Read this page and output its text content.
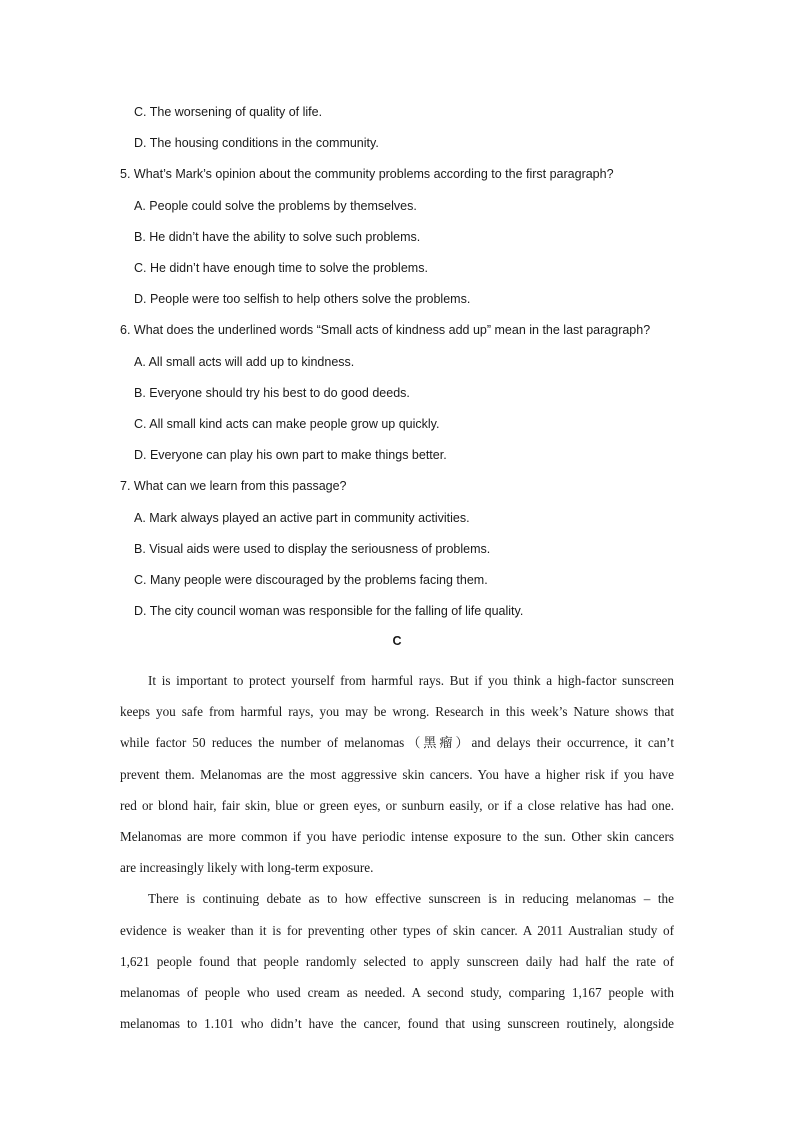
C. The worsening of quality of life.
D. The housing conditions in the community.
5. What’s Mark’s opinion about the community problems according to the first paragraph?
A. People could solve the problems by themselves.
B. He didn’t have the ability to solve such problems.
C. He didn’t have enough time to solve the problems.
D. People were too selfish to help others solve the problems.
6. What does the underlined words “Small acts of kindness add up” mean in the last paragraph?
A. All small acts will add up to kindness.
B. Everyone should try his best to do good deeds.
C. All small kind acts can make people grow up quickly.
D. Everyone can play his own part to make things better.
7. What can we learn from this passage?
A. Mark always played an active part in community activities.
B. Visual aids were used to display the seriousness of problems.
C. Many people were discouraged by the problems facing them.
D. The city council woman was responsible for the falling of life quality.
C
It is important to protect yourself from harmful rays. But if you think a high-factor sunscreen
keeps you safe from harmful rays, you may be wrong. Research in this week’s Nature shows that
while factor 50 reduces the number of melanomas（黑瘤）and delays their occurrence, it can’t
prevent them. Melanomas are the most aggressive skin cancers. You have a higher risk if you have
red or blond hair, fair skin, blue or green eyes, or sunburn easily, or if a close relative has had one.
Melanomas are more common if you have periodic intense exposure to the sun. Other skin cancers
are increasingly likely with long-term exposure.
There is continuing debate as to how effective sunscreen is in reducing melanomas – the
evidence is weaker than it is for preventing other types of skin cancer. A 2011 Australian study of
1,621 people found that people randomly selected to apply sunscreen daily had half the rate of
melanomas of people who used cream as needed. A second study, comparing 1,167 people with
melanomas to 1.101 who didn’t have the cancer, found that using sunscreen routinely, alongside
